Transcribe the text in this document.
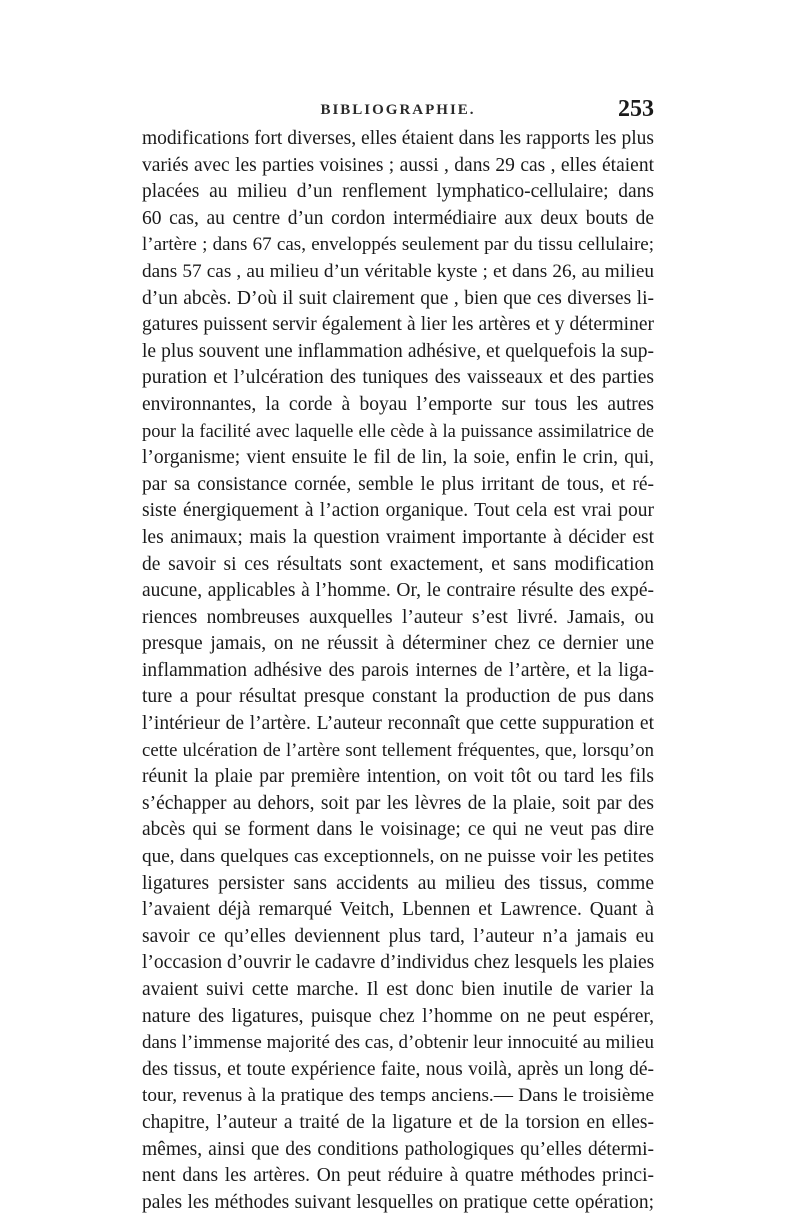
BIBLIOGRAPHIE.	253
modifications fort diverses, elles étaient dans les rapports les plus
variés avec les parties voisines ; aussi , dans 29 cas , elles étaient
placées au milieu d’un renflement lymphatico-cellulaire; dans
60 cas, au centre d’un cordon intermédiaire aux deux bouts de
l’artère ; dans 67 cas, enveloppés seulement par du tissu cellulaire;
dans 57 cas , au milieu d’un véritable kyste ; et dans 26, au milieu
d’un abcès. D’où il suit clairement que , bien que ces diverses li-
gatures puissent servir également à lier les artères et y déterminer
le plus souvent une inflammation adhésive, et quelquefois la sup-
puration et l’ulcération des tuniques des vaisseaux et des parties
environnantes, la corde à boyau l’emporte sur tous les autres
pour la facilité avec laquelle elle cède à la puissance assimilatrice de
l’organisme; vient ensuite le fil de lin, la soie, enfin le crin, qui,
par sa consistance cornée, semble le plus irritant de tous, et ré-
siste énergiquement à l’action organique. Tout cela est vrai pour
les animaux; mais la question vraiment importante à décider est
de savoir si ces résultats sont exactement, et sans modification
aucune, applicables à l’homme. Or, le contraire résulte des expé-
riences nombreuses auxquelles l’auteur s’est livré. Jamais, ou
presque jamais, on ne réussit à déterminer chez ce dernier une
inflammation adhésive des parois internes de l’artère, et la liga-
ture a pour résultat presque constant la production de pus dans
l’intérieur de l’artère. L’auteur reconnaît que cette suppuration et
cette ulcération de l’artère sont tellement fréquentes, que, lorsqu’on
réunit la plaie par première intention, on voit tôt ou tard les fils
s’échapper au dehors, soit par les lèvres de la plaie, soit par des
abcès qui se forment dans le voisinage; ce qui ne veut pas dire
que, dans quelques cas exceptionnels, on ne puisse voir les petites
ligatures persister sans accidents au milieu des tissus, comme
l’avaient déjà remarqué Veitch, Lbennen et Lawrence. Quant à
savoir ce qu’elles deviennent plus tard, l’auteur n’a jamais eu
l’occasion d’ouvrir le cadavre d’individus chez lesquels les plaies
avaient suivi cette marche. Il est donc bien inutile de varier la
nature des ligatures, puisque chez l’homme on ne peut espérer,
dans l’immense majorité des cas, d’obtenir leur innocuité au milieu
des tissus, et toute expérience faite, nous voilà, après un long dé-
tour, revenus à la pratique des temps anciens.— Dans le troisième
chapitre, l’auteur a traité de la ligature et de la torsion en elles-
mêmes, ainsi que des conditions pathologiques qu’elles détermi-
nent dans les artères. On peut réduire à quatre méthodes princi-
pales les méthodes suivant lesquelles on pratique cette opération;
